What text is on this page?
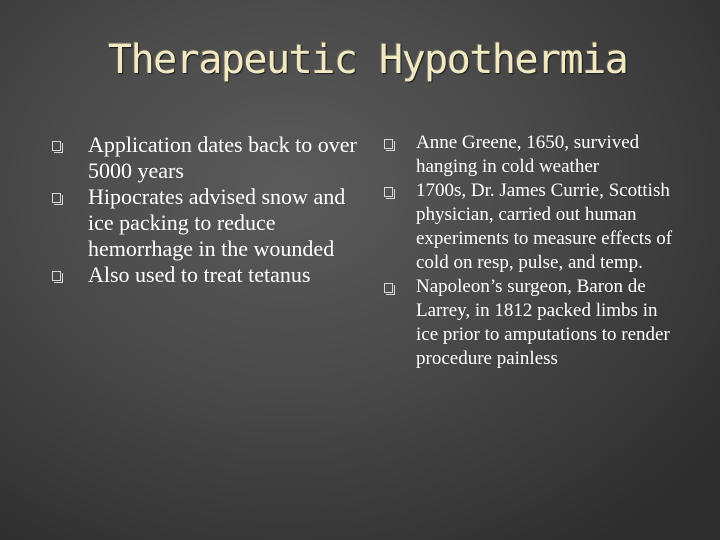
Therapeutic Hypothermia
Application dates back to over 5000 years
Hipocrates advised snow and ice packing to reduce hemorrhage in the wounded
Also used to treat tetanus
Anne Greene, 1650, survived hanging in cold weather
1700s, Dr. James Currie, Scottish physician, carried out human experiments to measure effects of cold on resp, pulse, and temp.
Napoleon’s surgeon, Baron de Larrey, in 1812 packed limbs in ice prior to amputations to render procedure painless
